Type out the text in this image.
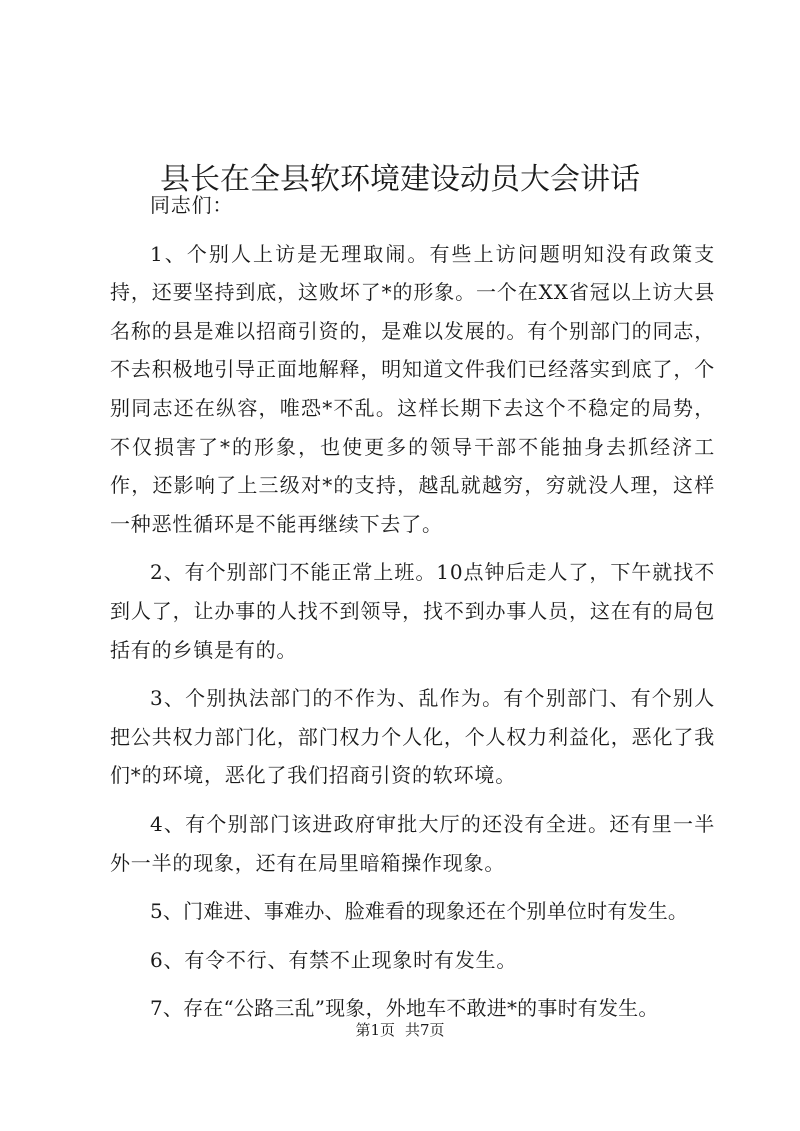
县长在全县软环境建设动员大会讲话

同志们：

1、个别人上访是无理取闹。有些上访问题明知没有政策支持，还要坚持到底，这败坏了*的形象。一个在XX省冠以上访大县名称的县是难以招商引资的，是难以发展的。有个别部门的同志，不去积极地引导正面地解释，明知道文件我们已经落实到底了，个别同志还在纵容，唯恐*不乱。这样长期下去这个不稳定的局势，不仅损害了*的形象，也使更多的领导干部不能抽身去抓经济工作，还影响了上三级对*的支持，越乱就越穷，穷就没人理，这样一种恶性循环是不能再继续下去了。

2、有个别部门不能正常上班。10点钟后走人了，下午就找不到人了，让办事的人找不到领导，找不到办事人员，这在有的局包括有的乡镇是有的。

3、个别执法部门的不作为、乱作为。有个别部门、有个别人把公共权力部门化，部门权力个人化，个人权力利益化，恶化了我们*的环境，恶化了我们招商引资的软环境。

4、有个别部门该进政府审批大厅的还没有全进。还有里一半外一半的现象，还有在局里暗箱操作现象。

5、门难进、事难办、脸难看的现象还在个别单位时有发生。

6、有令不行、有禁不止现象时有发生。

7、存在“公路三乱”现象，外地车不敢进*的事时有发生。

第1页 共7页
